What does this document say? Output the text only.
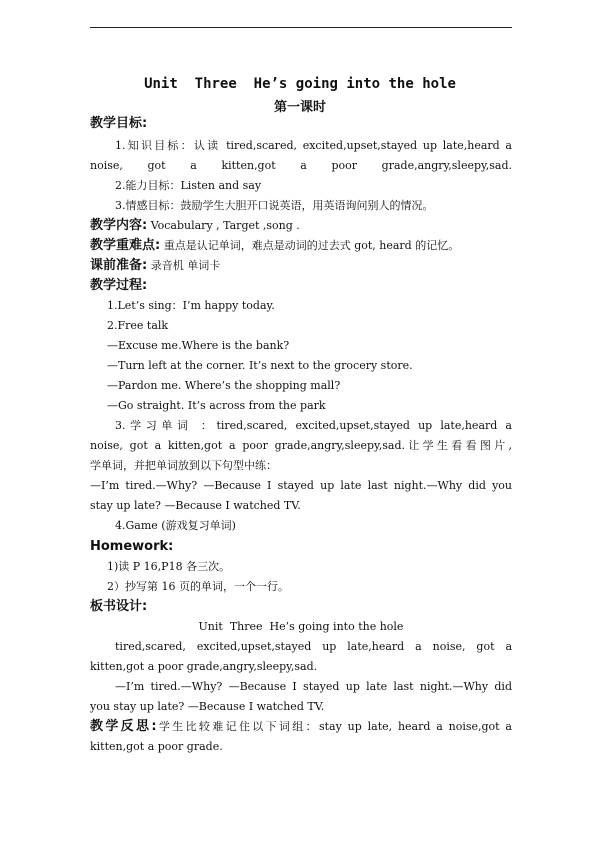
Unit  Three  He’s going into the hole
第一课时
教学目标:
1.知识目标：认读 tired,scared, excited,upset,stayed up late,heard a
noise, got a kitten,got a poor grade,angry,sleepy,sad.
2.能力目标：Listen and say
3.情感目标：鼓励学生大胆开口说英语，用英语询问别人的情况。
教学内容: Vocabulary , Target ,song .
教学重难点: 重点是认记单词，难点是动词的过去式 got, heard 的记忆。
课前准备: 录音机 单词卡
教学过程:
1.Let’s sing：I’m happy today.
2.Free talk
—Excuse me.Where is the bank?
—Turn left at the corner. It’s next to the grocery store.
—Pardon me. Where’s the shopping mall?
—Go straight. It’s across from the park
3.学习单词 ：tired,scared, excited,upset,stayed up late,heard a
noise, got a kitten,got a poor grade,angry,sleepy,sad.让学生看看图片,
学单词，并把单词放到以下句型中练：
—I’m tired.—Why? —Because I stayed up late last night.—Why did you
stay up late? —Because I watched TV.
4.Game (游戏复习单词)
Homework:
1)读 P 16,P18 各三次。
2）抄写第 16 页的单词，一个一行。
板书设计:
Unit  Three  He’s going into the hole
tired,scared, excited,upset,stayed up late,heard a noise, got a
kitten,got a poor grade,angry,sleepy,sad.
—I’m tired.—Why? —Because I stayed up late last night.—Why did
you stay up late? —Because I watched TV.
教学反思:学生比较难记住以下词组：stay up late, heard a noise,got a
kitten,got a poor grade.
